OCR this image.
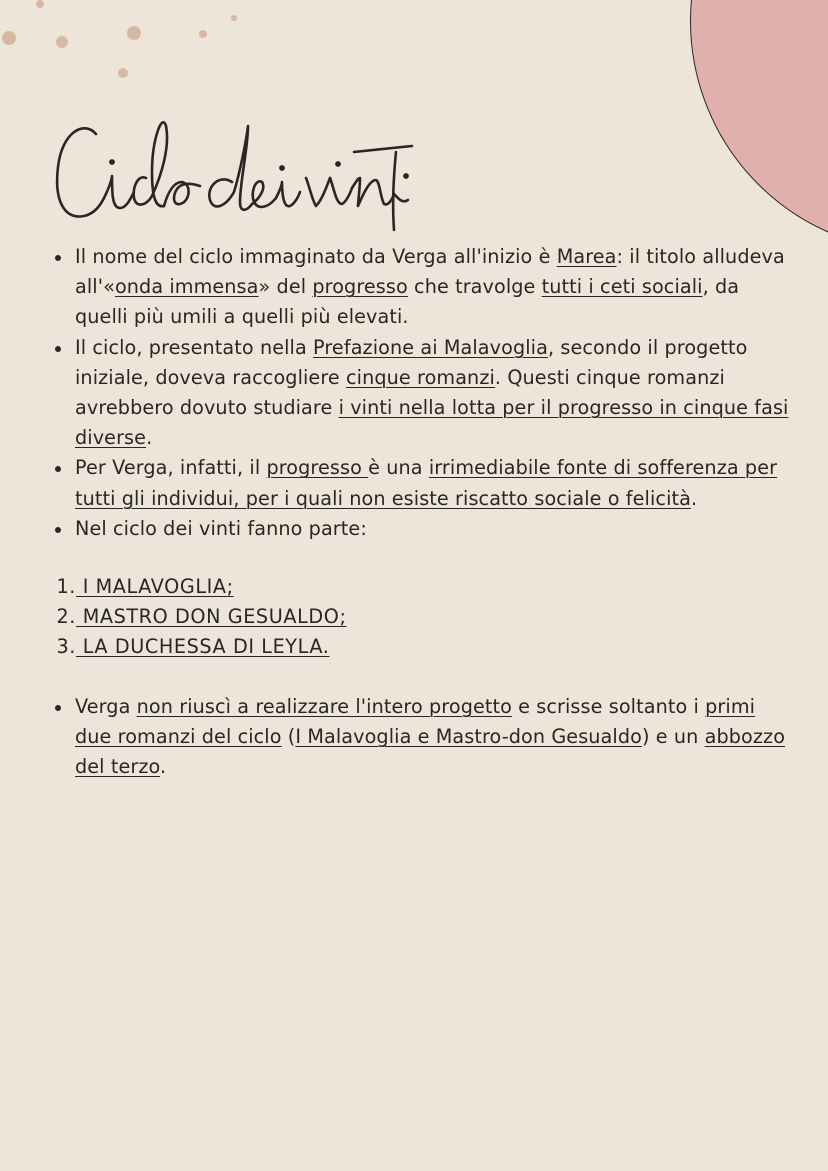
Il nome del ciclo immaginato da Verga all'inizio è Marea: il titolo alludeva all'«onda immensa» del progresso che travolge tutti i ceti sociali, da quelli più umili a quelli più elevati.
Il ciclo, presentato nella Prefazione ai Malavoglia, secondo il progetto iniziale, doveva raccogliere cinque romanzi. Questi cinque romanzi avrebbero dovuto studiare i vinti nella lotta per il progresso in cinque fasi diverse.
Per Verga, infatti, il progresso è una irrimediabile fonte di sofferenza per tutti gli individui, per i quali non esiste riscatto sociale o felicità.
Nel ciclo dei vinti fanno parte:
1. I MALAVOGLIA;
2. MASTRO DON GESUALDO;
3. LA DUCHESSA DI LEYLA.
Verga non riuscì a realizzare l'intero progetto e scrisse soltanto i primi due romanzi del ciclo (I Malavoglia e Mastro-don Gesualdo) e un abbozzo del terzo.
